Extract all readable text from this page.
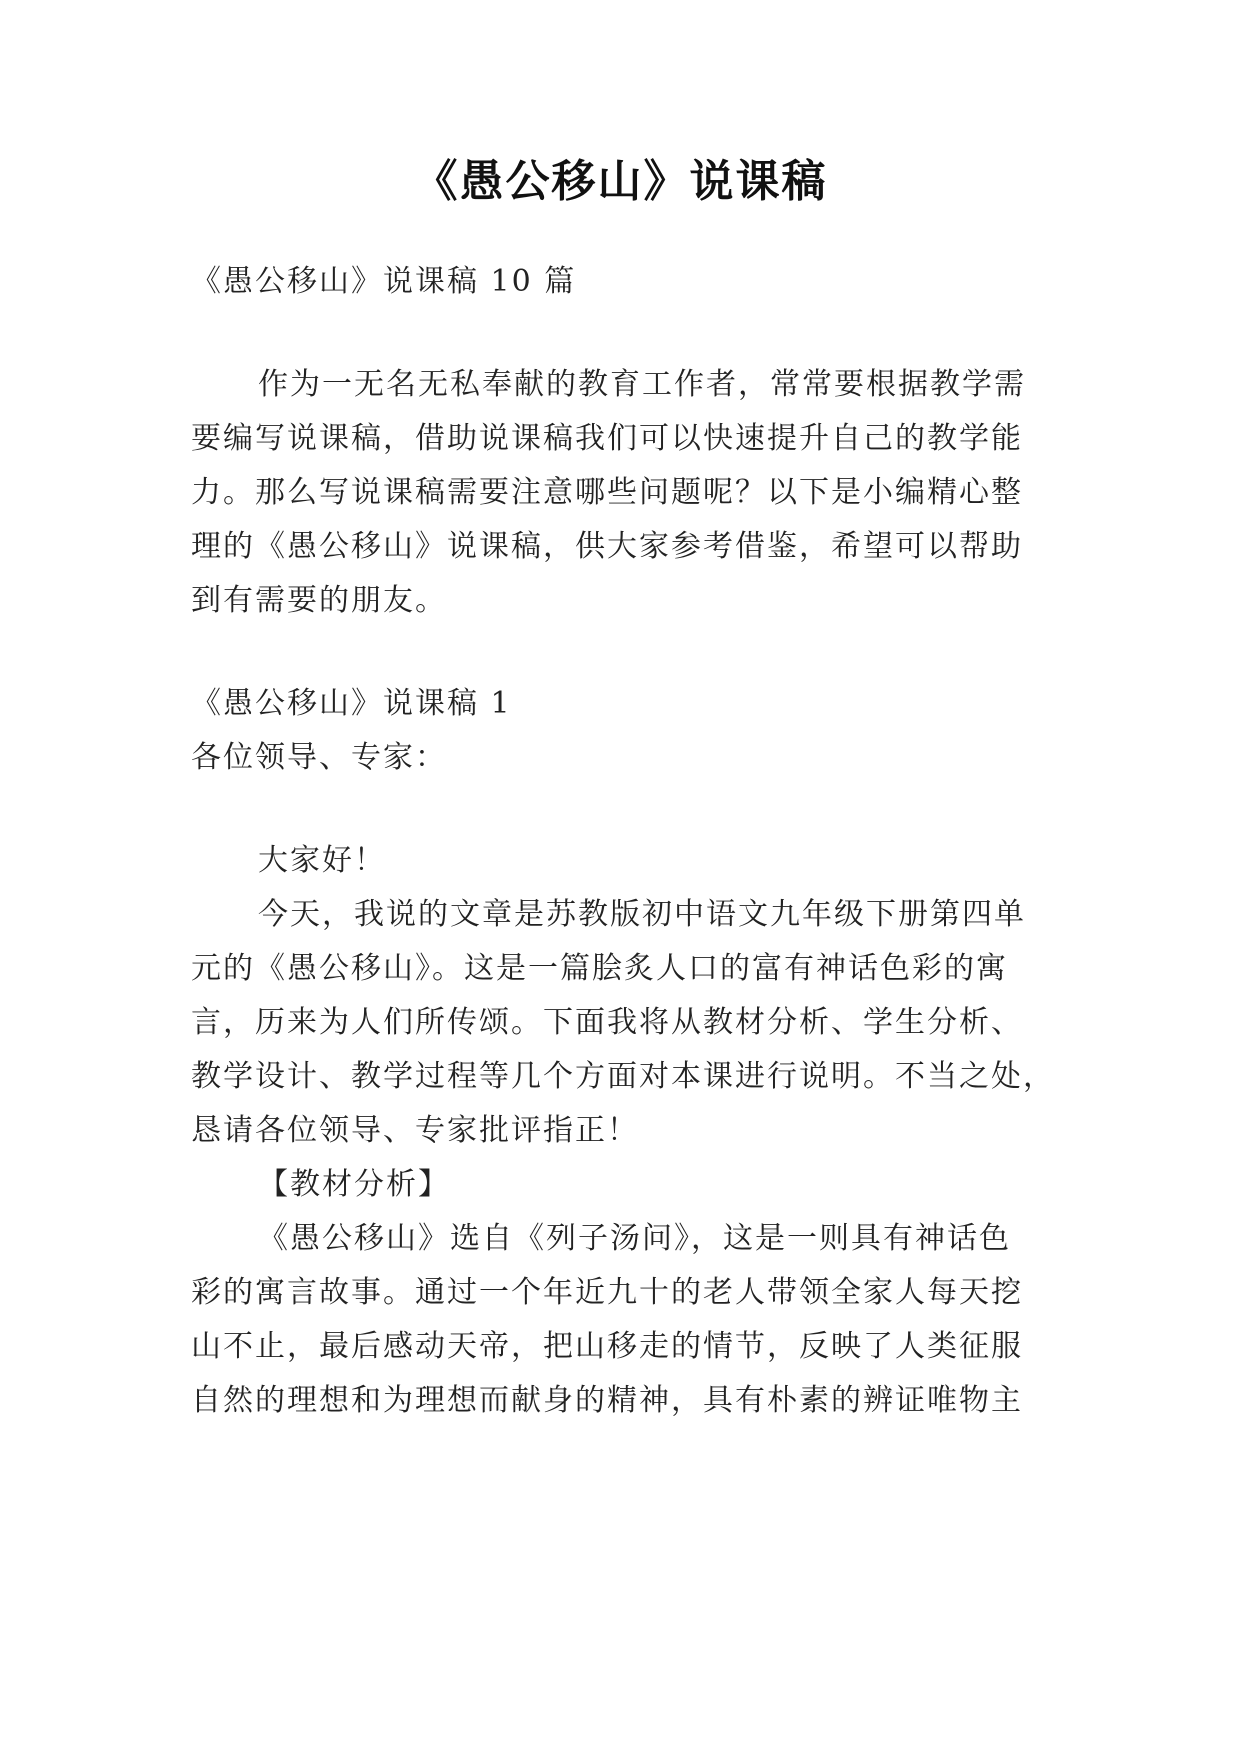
《愚公移山》说课稿

《愚公移山》说课稿 10 篇

作为一无名无私奉献的教育工作者，常常要根据教学需

要编写说课稿，借助说课稿我们可以快速提升自己的教学能

力。那么写说课稿需要注意哪些问题呢？以下是小编精心整

理的《愚公移山》说课稿，供大家参考借鉴，希望可以帮助

到有需要的朋友。

《愚公移山》说课稿 1

各位领导、专家：

大家好！

今天，我说的文章是苏教版初中语文九年级下册第四单

元的《愚公移山》。这是一篇脍炙人口的富有神话色彩的寓

言，历来为人们所传颂。下面我将从教材分析、学生分析、

教学设计、教学过程等几个方面对本课进行说明。不当之处，

恳请各位领导、专家批评指正！

【教材分析】

《愚公移山》选自《列子汤问》，这是一则具有神话色

彩的寓言故事。通过一个年近九十的老人带领全家人每天挖

山不止，最后感动天帝，把山移走的情节，反映了人类征服

自然的理想和为理想而献身的精神，具有朴素的辨证唯物主
